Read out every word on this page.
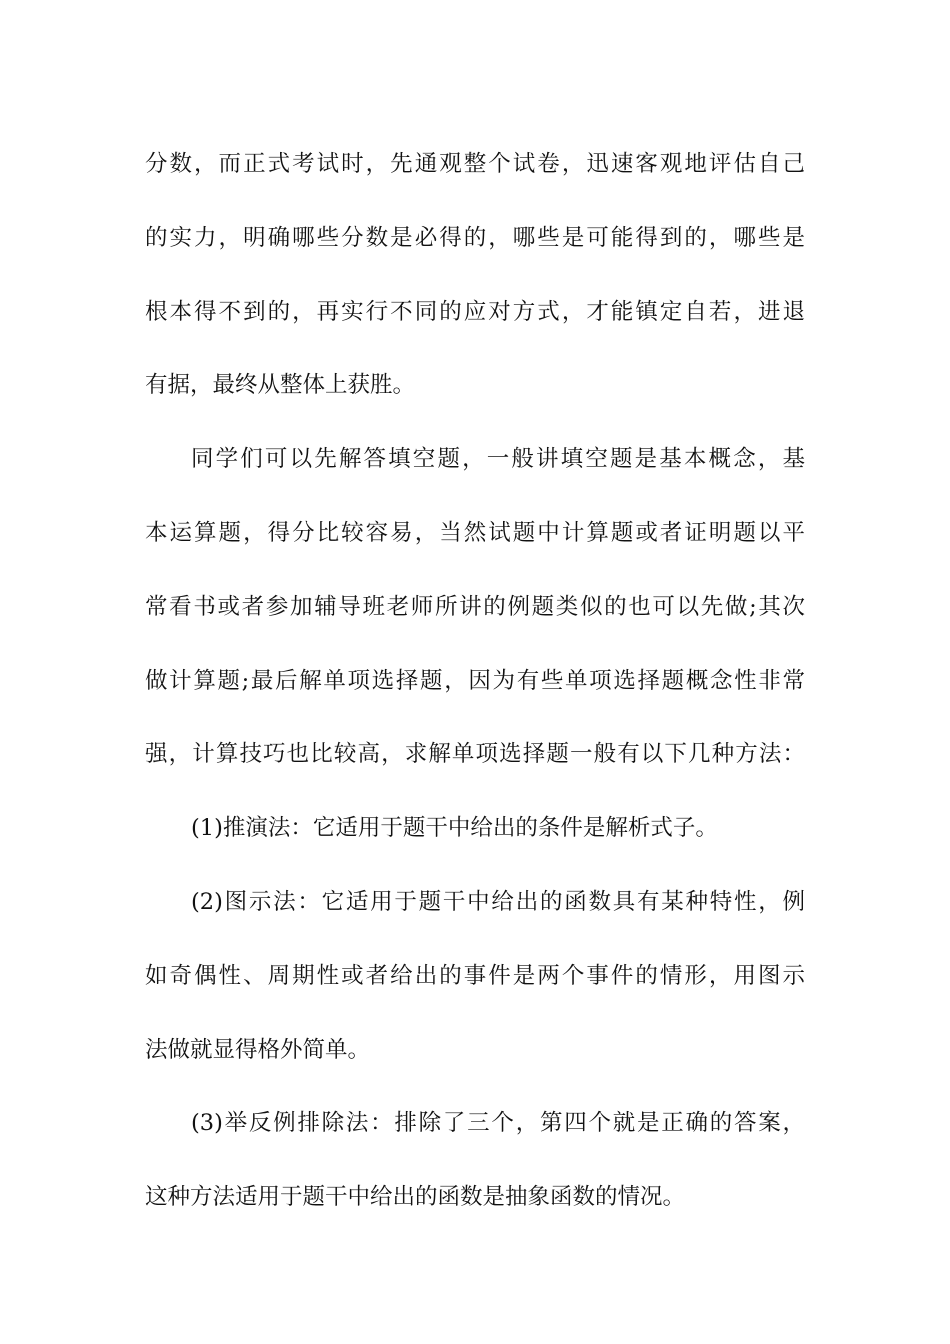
分数，而正式考试时，先通观整个试卷，迅速客观地评估自己
的实力，明确哪些分数是必得的，哪些是可能得到的，哪些是
根本得不到的，再实行不同的应对方式，才能镇定自若，进退
有据，最终从整体上获胜。
同学们可以先解答填空题，一般讲填空题是基本概念，基
本运算题，得分比较容易，当然试题中计算题或者证明题以平
常看书或者参加辅导班老师所讲的例题类似的也可以先做;其次
做计算题;最后解单项选择题，因为有些单项选择题概念性非常
强，计算技巧也比较高，求解单项选择题一般有以下几种方法：
(1)推演法：它适用于题干中给出的条件是解析式子。
(2)图示法：它适用于题干中给出的函数具有某种特性，例
如奇偶性、周期性或者给出的事件是两个事件的情形，用图示
法做就显得格外简单。
(3)举反例排除法：排除了三个，第四个就是正确的答案，
这种方法适用于题干中给出的函数是抽象函数的情况。
